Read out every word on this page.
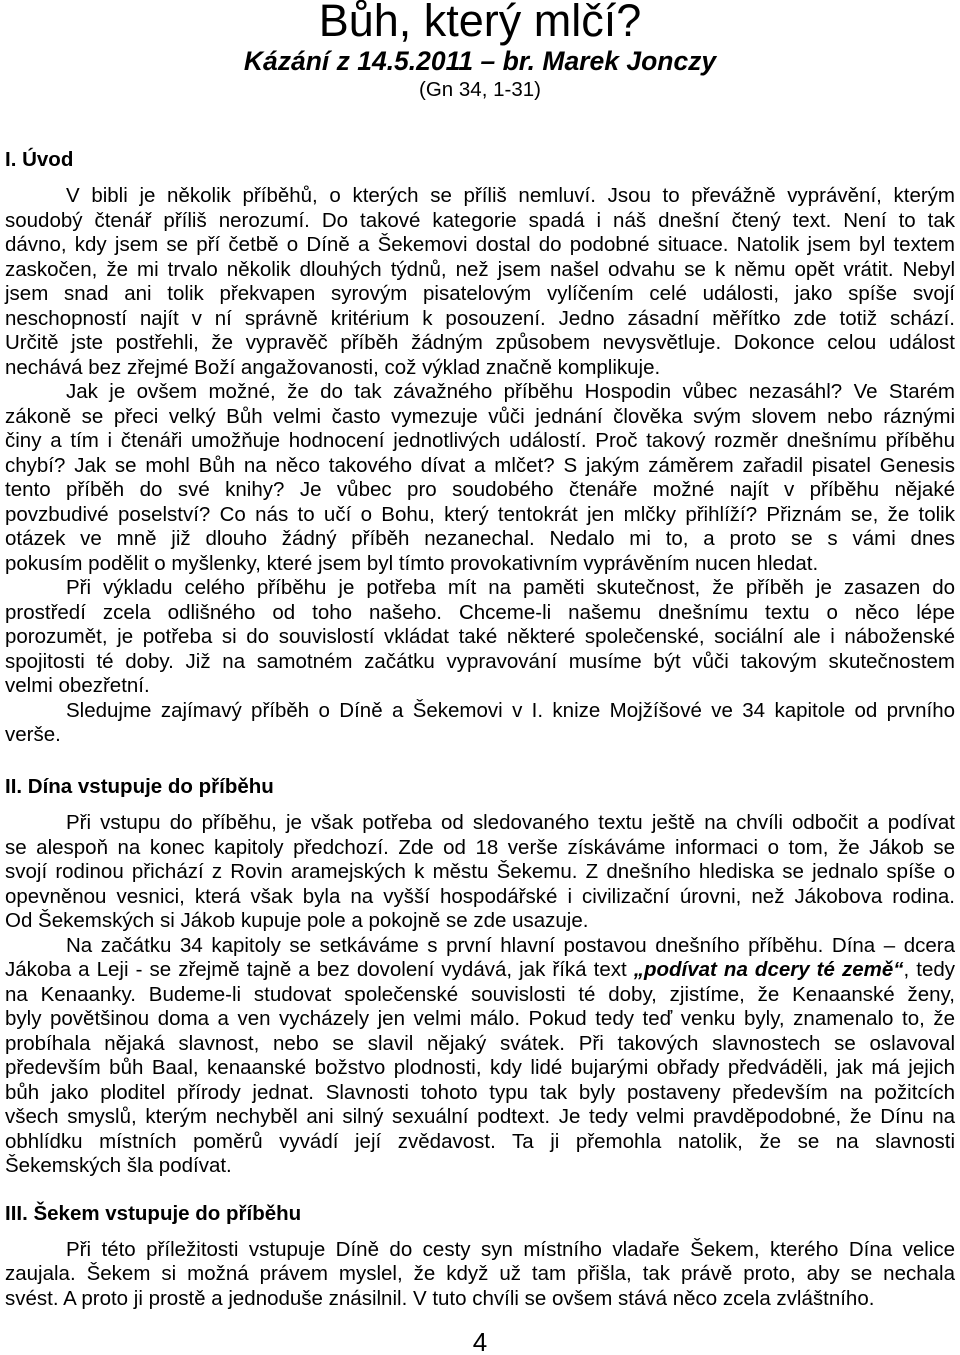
Bůh, který mlčí?
Kázání z 14.5.2011 – br. Marek Jonczy
(Gn 34, 1-31)
I. Úvod
V bibli je několik příběhů, o kterých se příliš nemluví. Jsou to převážně vyprávění, kterým
soudobý čtenář příliš nerozumí. Do takové kategorie spadá i náš dnešní čtený text. Není to tak
dávno, kdy jsem se pří četbě o Díně a Šekemovi dostal do podobné situace. Natolik jsem byl textem
zaskočen, že mi trvalo několik dlouhých týdnů, než jsem našel odvahu se k němu opět vrátit. Nebyl
jsem snad ani tolik překvapen syrovým pisatelovým vylíčením celé události, jako spíše svojí
neschopností najít v ní správně kritérium k posouzení. Jedno zásadní měřítko zde totiž schází.
Určitě jste postřehli, že vypravěč příběh žádným způsobem nevysvětluje. Dokonce celou událost
nechává bez zřejmé Boží angažovanosti, což výklad značně komplikuje.
Jak je ovšem možné, že do tak závažného příběhu Hospodin vůbec nezasáhl? Ve Starém
zákoně se přeci velký Bůh velmi často vymezuje vůči jednání člověka svým slovem nebo ráznými
činy a tím i čtenáři umožňuje hodnocení jednotlivých událostí. Proč takový rozměr dnešnímu příběhu
chybí? Jak se mohl Bůh na něco takového dívat a mlčet? S jakým záměrem zařadil pisatel Genesis
tento příběh do své knihy? Je vůbec pro soudobého čtenáře možné najít v příběhu nějaké
povzbudivé poselství? Co nás to učí o Bohu, který tentokrát jen mlčky přihlíží? Přiznám se, že tolik
otázek ve mně již dlouho žádný příběh nezanechal. Nedalo mi to, a proto se s vámi dnes
pokusím podělit o myšlenky, které jsem byl tímto provokativním vyprávěním nucen hledat.
Při výkladu celého příběhu je potřeba mít na paměti skutečnost, že příběh je zasazen do
prostředí zcela odlišného od toho našeho. Chceme-li našemu dnešnímu textu o něco lépe
porozumět, je potřeba si do souvislostí vkládat také některé společenské, sociální ale i náboženské
spojitosti té doby. Již na samotném začátku vypravování musíme být vůči takovým skutečnostem
velmi obezřetní.
Sledujme zajímavý příběh o Díně a Šekemovi v I. knize Mojžíšové ve 34 kapitole od prvního
verše.
II. Dína vstupuje do příběhu
Při vstupu do příběhu, je však potřeba od sledovaného textu ještě na chvíli odbočit a podívat
se alespoň na konec kapitoly předchozí. Zde od 18 verše získáváme informaci o tom, že Jákob se
svojí rodinou přichází z Rovin aramejských k městu Šekemu. Z dnešního hlediska se jednalo spíše o
opevněnou vesnici, která však byla na vyšší hospodářské i civilizační úrovni, než Jákobova rodina.
Od Šekemských si Jákob kupuje pole a pokojně se zde usazuje.
Na začátku 34 kapitoly se setkáváme s první hlavní postavou dnešního příběhu. Dína – dcera
Jákoba a Leji - se zřejmě tajně a bez dovolení vydává, jak říká text „podívat na dcery té země“, tedy
na Kenaanky. Budeme-li studovat společenské souvislosti té doby, zjistíme, že Kenaanské ženy,
byly povětšinou doma a ven vycházely jen velmi málo. Pokud tedy teď venku byly, znamenalo to, že
probíhala nějaká slavnost, nebo se slavil nějaký svátek. Při takových slavnostech se oslavoval
především bůh Baal, kenaanské božstvo plodnosti, kdy lidé bujarými obřady předváděli, jak má jejich
bůh jako ploditel přírody jednat. Slavnosti tohoto typu tak byly postaveny především na požitcích
všech smyslů, kterým nechyběl ani silný sexuální podtext. Je tedy velmi pravděpodobné, že Dínu na
obhlídku místních poměrů vyvádí její zvědavost. Ta ji přemohla natolik, že se na slavnosti
Šekemských šla podívat.
III. Šekem vstupuje do příběhu
Při této příležitosti vstupuje Díně do cesty syn místního vladaře Šekem, kterého Dína velice
zaujala. Šekem si možná právem myslel, že když už tam přišla, tak právě proto, aby se nechala
svést. A proto ji prostě a jednoduše znásilnil. V tuto chvíli se ovšem stává něco zcela zvláštního.
4
